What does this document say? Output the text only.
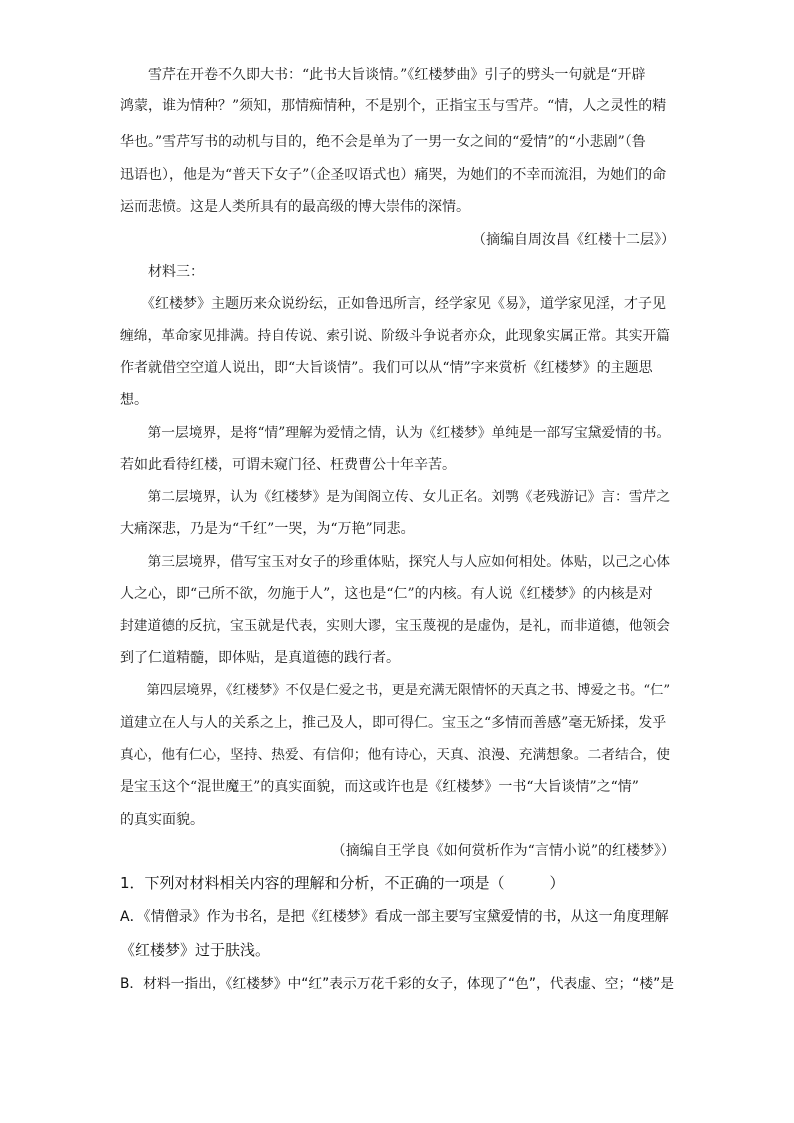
　　雪芹在开卷不久即大书：“此书大旨谈情。”《红楼梦曲》引子的劈头一句就是“开辟
鸿蒙，谁为情种？”须知，那情痴情种，不是别个，正指宝玉与雪芹。“情，人之灵性的精
华也。”雪芹写书的动机与目的，绝不会是单为了一男一女之间的“爱情”的“小悲剧”（鲁
迅语也），他是为“普天下女子”（企圣叹语式也）痛哭，为她们的不幸而流泪，为她们的命
运而悲愤。这是人类所具有的最高级的博大崇伟的深情。
（摘编自周汝昌《红楼十二层》）
　　材料三：
　　《红楼梦》主题历来众说纷纭，正如鲁迅所言，经学家见《易》，道学家见淫，才子见
缠绵，革命家见排满。持自传说、索引说、阶级斗争说者亦众，此现象实属正常。其实开篇
作者就借空空道人说出，即“大旨谈情”。我们可以从“情”字来赏析《红楼梦》的主题思
想。
　　第一层境界，是将“情”理解为爱情之情，认为《红楼梦》单纯是一部写宝黛爱情的书。
若如此看待红楼，可谓未窥门径、枉费曹公十年辛苦。
　　第二层境界，认为《红楼梦》是为闺阁立传、女儿正名。刘鹗《老残游记》言：雪芹之
大痛深悲，乃是为“千红”一哭，为“万艳”同悲。
　　第三层境界，借写宝玉对女子的珍重体贴，探究人与人应如何相处。体贴，以己之心体
人之心，即“己所不欲，勿施于人”，这也是“仁”的内核。有人说《红楼梦》的内核是对
封建道德的反抗，宝玉就是代表，实则大谬，宝玉蔑视的是虚伪，是礼，而非道德，他领会
到了仁道精髓，即体贴，是真道德的践行者。
　　第四层境界，《红楼梦》不仅是仁爱之书，更是充满无限情怀的天真之书、博爱之书。“仁”
道建立在人与人的关系之上，推己及人，即可得仁。宝玉之“多情而善感”毫无矫揉，发乎
真心，他有仁心，坚持、热爱、有信仰；他有诗心，天真、浪漫、充满想象。二者结合，使
是宝玉这个“混世魔王”的真实面貌，而这或许也是《红楼梦》一书“大旨谈情”之“情”
的真实面貌。
（摘编自王学良《如何赏析作为“言情小说”的红楼梦》）
1．下列对材料相关内容的理解和分析，不正确的一项是（　　　）
A．《情僧录》作为书名，是把《红楼梦》看成一部主要写宝黛爱情的书，从这一角度理解
《红楼梦》过于肤浅。
B．材料一指出，《红楼梦》中“红”表示万花千彩的女子，体现了“色”，代表虚、空；“楼”是
